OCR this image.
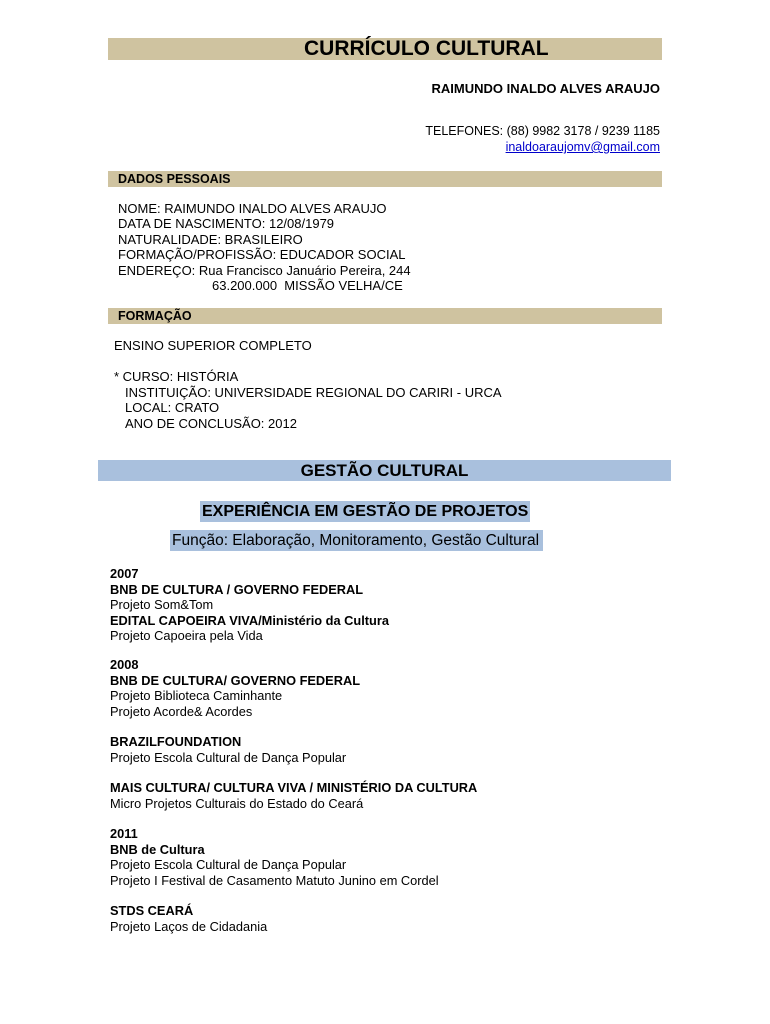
CURRÍCULO CULTURAL
RAIMUNDO INALDO ALVES ARAUJO
TELEFONES: (88) 9982 3178 / 9239 1185
inaldoaraujomv@gmail.com
DADOS PESSOAIS
NOME: RAIMUNDO INALDO ALVES ARAUJO
DATA DE NASCIMENTO: 12/08/1979
NATURALIDADE: BRASILEIRO
FORMAÇÃO/PROFISSÃO: EDUCADOR SOCIAL
ENDEREÇO: Rua Francisco Januário Pereira, 244
63.200.000  MISSÃO VELHA/CE
FORMAÇÃO
ENSINO SUPERIOR COMPLETO
* CURSO: HISTÓRIA
INSTITUIÇÃO: UNIVERSIDADE REGIONAL DO CARIRI - URCA
LOCAL: CRATO
ANO DE CONCLUSÃO: 2012
GESTÃO CULTURAL
EXPERIÊNCIA EM GESTÃO DE PROJETOS
Função: Elaboração, Monitoramento, Gestão Cultural
2007
BNB DE CULTURA / GOVERNO FEDERAL
Projeto Som&Tom
EDITAL CAPOEIRA VIVA/Ministério da Cultura
Projeto Capoeira pela Vida
2008
BNB DE CULTURA/ GOVERNO FEDERAL
Projeto Biblioteca Caminhante
Projeto Acorde& Acordes
BRAZILFOUNDATION
Projeto Escola Cultural de Dança Popular
MAIS CULTURA/ CULTURA VIVA / MINISTÉRIO DA CULTURA
Micro Projetos Culturais do Estado do Ceará
2011
BNB de Cultura
Projeto Escola Cultural de Dança Popular
Projeto I Festival de Casamento Matuto Junino em Cordel
STDS CEARÁ
Projeto Laços de Cidadania
